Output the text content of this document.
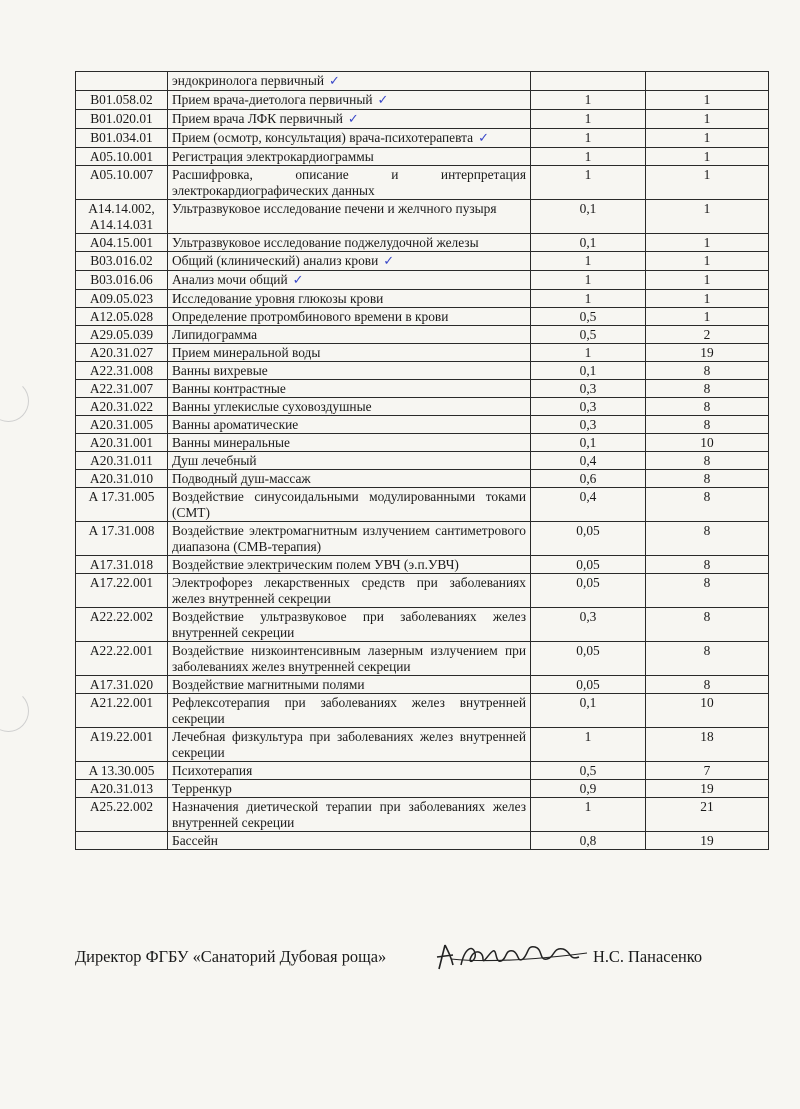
	эндокринолога первичный ✓		
B01.058.02	Прием врача-диетолога первичный ✓	1	1
B01.020.01	Прием врача ЛФК первичный ✓	1	1
B01.034.01	Прием (осмотр, консультация) врача-психотерапевта ✓	1	1
A05.10.001	Регистрация электрокардиограммы	1	1
A05.10.007	Расшифровка, описание и интерпретация электрокардиографических данных	1	1
A14.14.002, A14.14.031	Ультразвуковое исследование печени и желчного пузыря	0,1	1
A04.15.001	Ультразвуковое исследование поджелудочной железы	0,1	1
B03.016.02	Общий (клинический) анализ крови ✓	1	1
B03.016.06	Анализ мочи общий ✓	1	1
A09.05.023	Исследование уровня глюкозы крови	1	1
A12.05.028	Определение протромбинового времени в крови	0,5	1
A29.05.039	Липидограмма	0,5	2
A20.31.027	Прием минеральной воды	1	19
A22.31.008	Ванны вихревые	0,1	8
A22.31.007	Ванны контрастные	0,3	8
A20.31.022	Ванны углекислые суховоздушные	0,3	8
A20.31.005	Ванны ароматические	0,3	8
A20.31.001	Ванны минеральные	0,1	10
A20.31.011	Душ лечебный	0,4	8
A20.31.010	Подводный душ-массаж	0,6	8
A 17.31.005	Воздействие синусоидальными модулированными токами (СМТ)	0,4	8
A 17.31.008	Воздействие электромагнитным излучением сантиметрового диапазона (СМВ-терапия)	0,05	8
A17.31.018	Воздействие электрическим полем УВЧ (э.п.УВЧ)	0,05	8
A17.22.001	Электрофорез лекарственных средств при заболеваниях желез внутренней секреции	0,05	8
A22.22.002	Воздействие ультразвуковое при заболеваниях желез внутренней секреции	0,3	8
A22.22.001	Воздействие низкоинтенсивным лазерным излучением при заболеваниях желез внутренней секреции	0,05	8
A17.31.020	Воздействие магнитными полями	0,05	8
A21.22.001	Рефлексотерапия при заболеваниях желез внутренней секреции	0,1	10
A19.22.001	Лечебная физкультура при заболеваниях желез внутренней секреции	1	18
A 13.30.005	Психотерапия	0,5	7
A20.31.013	Терренкур	0,9	19
A25.22.002	Назначения диетической терапии при заболеваниях желез внутренней секреции	1	21
	Бассейн	0,8	19
Директор ФГБУ «Санаторий Дубовая роща»	Н.С. Панасенко
